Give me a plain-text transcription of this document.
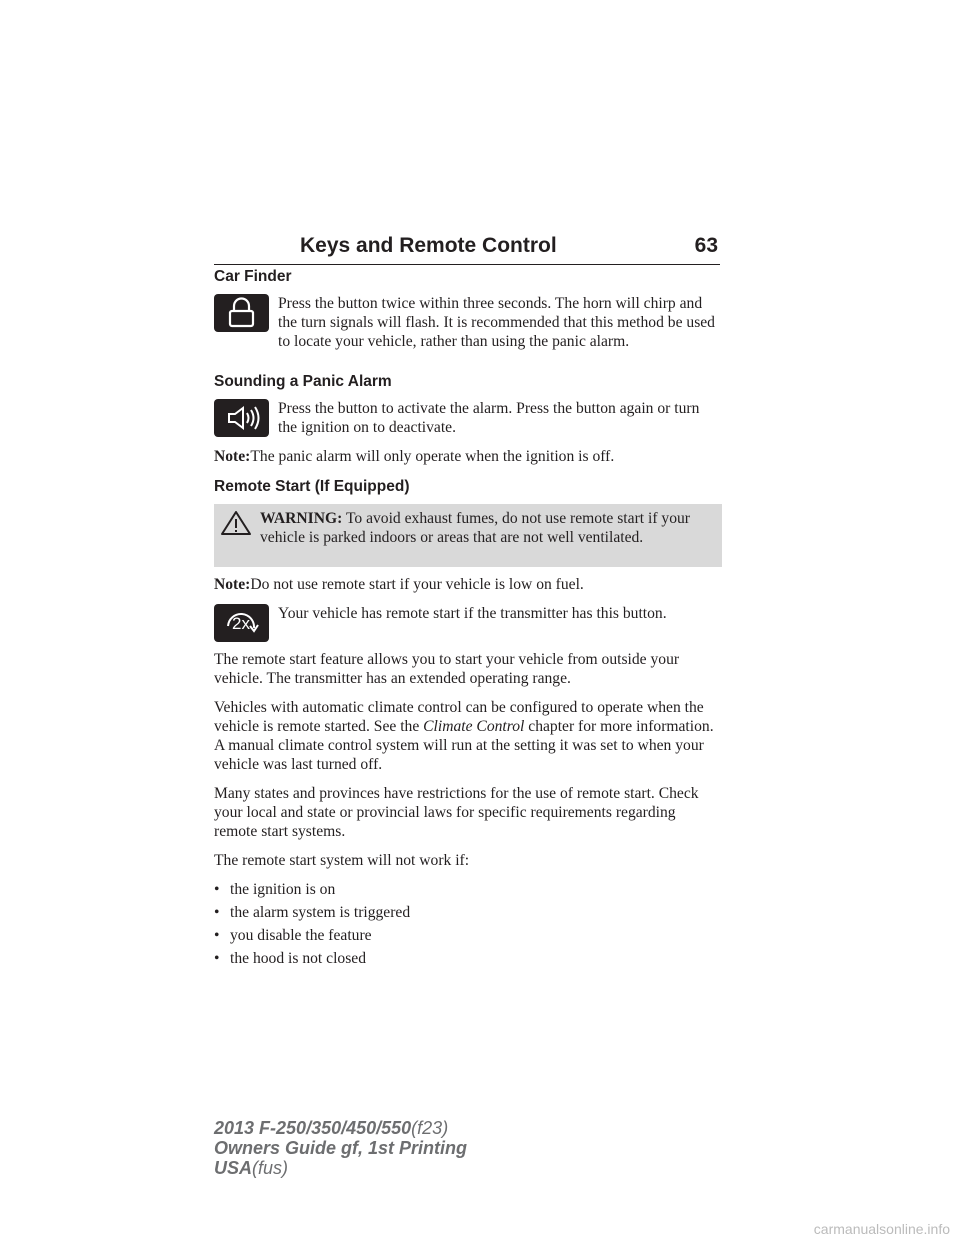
Keys and Remote Control	63
Car Finder

Press the button twice within three seconds. The horn will chirp and the turn signals will flash. It is recommended that this method be used to locate your vehicle, rather than using the panic alarm.

Sounding a Panic Alarm

Press the button to activate the alarm. Press the button again or turn the ignition on to deactivate.

Note:The panic alarm will only operate when the ignition is off.

Remote Start (If Equipped)
WARNING: To avoid exhaust fumes, do not use remote start if your vehicle is parked indoors or areas that are not well ventilated.

Note:Do not use remote start if your vehicle is low on fuel.

2x

Your vehicle has remote start if the transmitter has this button.

The remote start feature allows you to start your vehicle from outside your vehicle. The transmitter has an extended operating range.

Vehicles with automatic climate control can be configured to operate when the vehicle is remote started. See the Climate Control chapter for more information. A manual climate control system will run at the setting it was set to when your vehicle was last turned off.

Many states and provinces have restrictions for the use of remote start. Check your local and state or provincial laws for specific requirements regarding remote start systems.

The remote start system will not work if:

• the ignition is on
• the alarm system is triggered
• you disable the feature
• the hood is not closed
2013 F-250/350/450/550(f23)
Owners Guide gf, 1st Printing
USA(fus)
carmanualsonline.info
